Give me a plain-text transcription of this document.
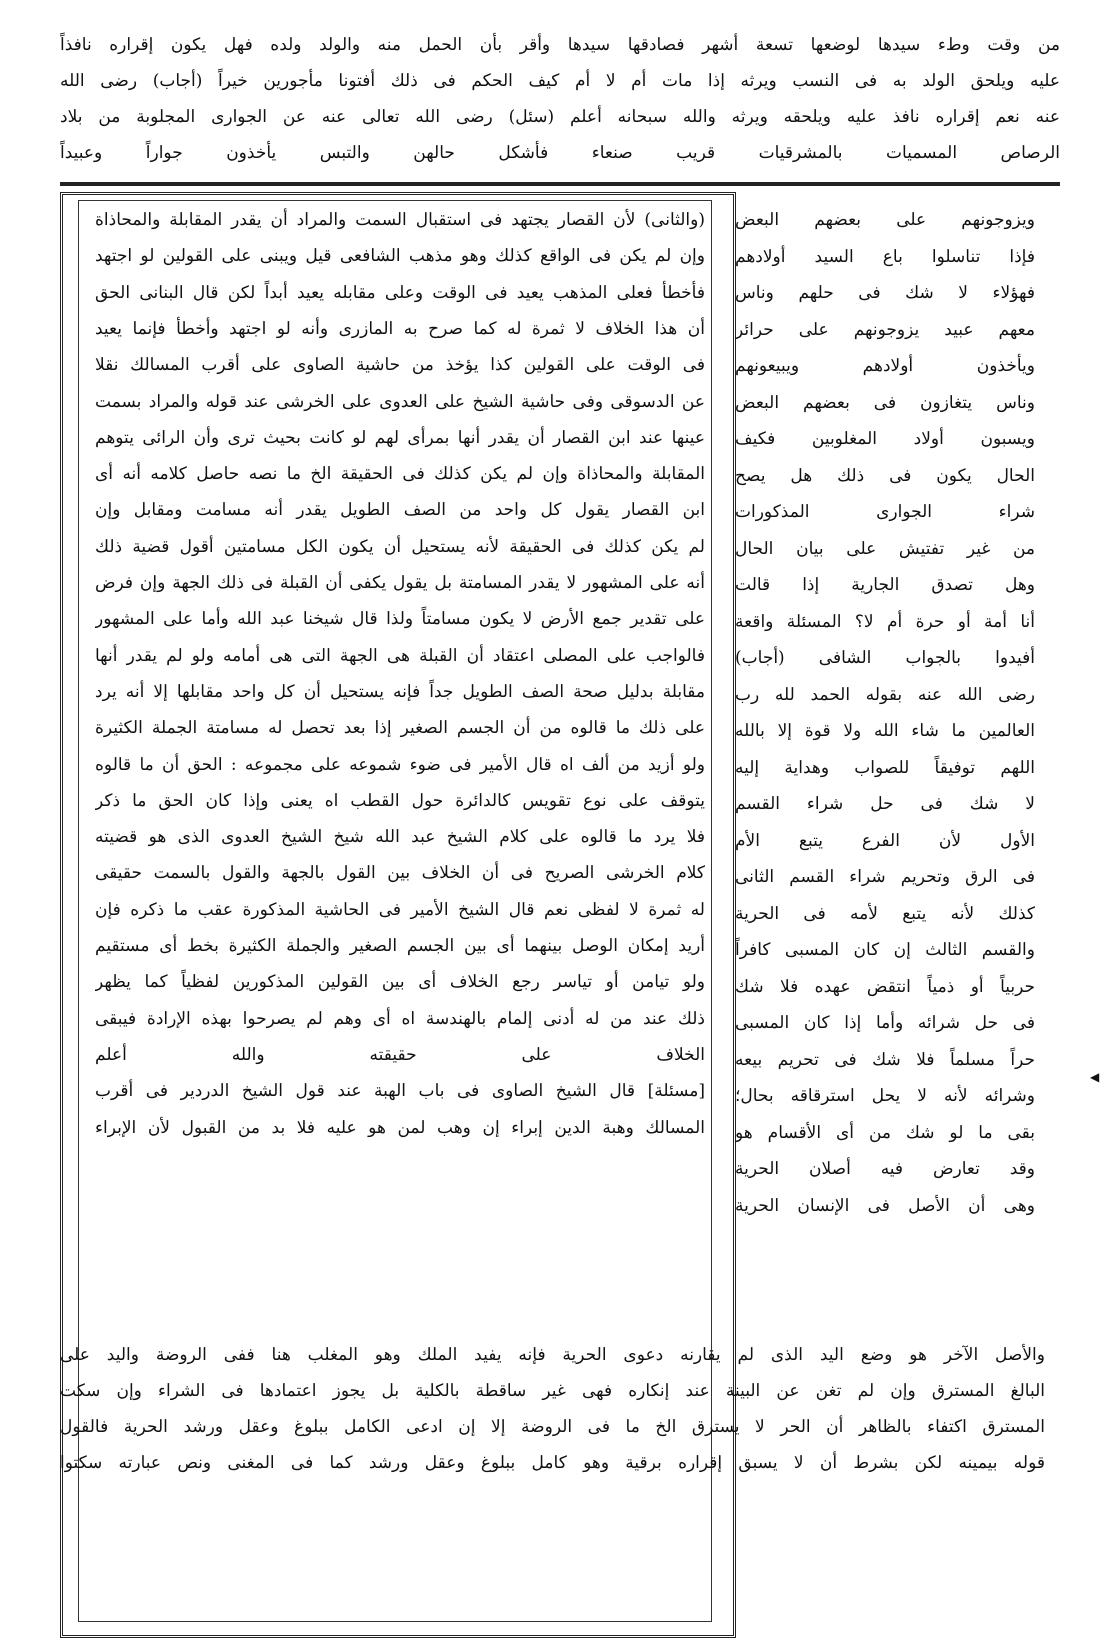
من وقت وطء سيدها لوضعها تسعة أشهر فصادقها سيدها وأقر بأن الحمل منه والولد ولده فهل يكون إقراره نافذاً
عليه ويلحق الولد به فى النسب ويرثه إذا مات أم لا أم كيف الحكم فى ذلك أفتونا مأجورين خيراً (أجاب) رضى الله
عنه نعم إقراره نافذ عليه ويلحقه ويرثه والله سبحانه أعلم (سئل) رضى الله تعالى عنه عن الجوارى المجلوبة من بلاد
الرصاص المسميات بالمشرقيات قريب صنعاء فأشكل حالهن والتبس يأخذون جواراً وعبيداً
ويزوجونهم على بعضهم البعض
فإذا تناسلوا باع السيد أولادهم
فهؤلاء لا شك فى حلهم وناس
معهم عبيد يزوجونهم على حرائر
ويأخذون أولادهم ويبيعونهم
وناس يتغازون فى بعضهم البعض
ويسبون أولاد المغلوبين فكيف
الحال يكون فى ذلك هل يصح
شراء الجوارى المذكورات
من غير تفتيش على بيان الحال
وهل تصدق الجارية إذا قالت
أنا أمة أو حرة أم لا؟ المسئلة واقعة
أفيدوا بالجواب الشافى (أجاب)
رضى الله عنه بقوله الحمد لله رب
العالمين ما شاء الله ولا قوة إلا بالله
اللهم توفيقاً للصواب وهداية إليه
لا شك فى حل شراء القسم
الأول لأن الفرع يتبع الأم
فى الرق وتحريم شراء القسم الثانى
كذلك لأنه يتبع لأمه فى الحرية
والقسم الثالث إن كان المسبى كافراً
حربياً أو ذمياً انتقض عهده فلا شك
فى حل شرائه وأما إذا كان المسبى
حراً مسلماً فلا شك فى تحريم بيعه
وشرائه لأنه لا يحل استرقاقه بحال؛
بقى ما لو شك من أى الأقسام هو
وقد تعارض فيه أصلان الحرية
وهى أن الأصل فى الإنسان الحرية
(والثانى) لأن القصار يجتهد فى استقبال السمت والمراد أن يقدر المقابلة والمحاذاة
وإن لم يكن فى الواقع كذلك وهو مذهب الشافعى قيل ويبنى على القولين لو اجتهد
فأخطأ فعلى المذهب يعيد فى الوقت وعلى مقابله يعيد أبداً لكن قال البنانى الحق
أن هذا الخلاف لا ثمرة له كما صرح به المازرى وأنه لو اجتهد وأخطأ فإنما يعيد
فى الوقت على القولين كذا يؤخذ من حاشية الصاوى على أقرب المسالك نقلا
عن الدسوقى وفى حاشية الشيخ على العدوى على الخرشى عند قوله والمراد بسمت
عينها عند ابن القصار أن يقدر أنها بمرأى لهم لو كانت بحيث ترى وأن الرائى يتوهم
المقابلة والمحاذاة وإن لم يكن كذلك فى الحقيقة الخ ما نصه حاصل كلامه أنه أى
ابن القصار يقول كل واحد من الصف الطويل يقدر أنه مسامت ومقابل وإن
لم يكن كذلك فى الحقيقة لأنه يستحيل أن يكون الكل مسامتين أقول قضية ذلك
أنه على المشهور لا يقدر المسامتة بل يقول يكفى أن القبلة فى ذلك الجهة وإن فرض
على تقدير جمع الأرض لا يكون مسامتاً ولذا قال شيخنا عبد الله وأما على المشهور
فالواجب على المصلى اعتقاد أن القبلة هى الجهة التى هى أمامه ولو لم يقدر أنها
مقابلة بدليل صحة الصف الطويل جداً فإنه يستحيل أن كل واحد مقابلها إلا أنه يرد
على ذلك ما قالوه من أن الجسم الصغير إذا بعد تحصل له مسامتة الجملة الكثيرة
ولو أزيد من ألف اه قال الأمير فى ضوء شموعه على مجموعه : الحق أن ما قالوه
يتوقف على نوع تقويس كالدائرة حول القطب اه يعنى وإذا كان الحق ما ذكر
فلا يرد ما قالوه على كلام الشيخ عبد الله شيخ الشيخ العدوى الذى هو قضيته
كلام الخرشى الصريح فى أن الخلاف بين القول بالجهة والقول بالسمت حقيقى
له ثمرة لا لفظى نعم قال الشيخ الأمير فى الحاشية المذكورة عقب ما ذكره فإن
أريد إمكان الوصل بينهما أى بين الجسم الصغير والجملة الكثيرة بخط أى مستقيم
ولو تيامن أو تياسر رجع الخلاف أى بين القولين المذكورين لفظياً كما يظهر
ذلك عند من له أدنى إلمام بالهندسة اه أى وهم لم يصرحوا بهذه الإرادة فيبقى
الخلاف على حقيقته والله أعلم
[مسئلة] قال الشيخ الصاوى فى باب الهبة عند قول الشيخ الدردير فى أقرب
المسالك وهبة الدين إبراء إن وهب لمن هو عليه فلا بد من القبول لأن الإبراء
والأصل الآخر هو وضع اليد الذى لم يقارنه دعوى الحرية فإنه يفيد الملك وهو المغلب هنا ففى الروضة واليد على
البالغ المسترق وإن لم تغن عن البينة عند إنكاره فهى غير ساقطة بالكلية بل يجوز اعتمادها فى الشراء وإن سكت
المسترق اكتفاء بالظاهر أن الحر لا يسترق الخ ما فى الروضة إلا إن ادعى الكامل ببلوغ وعقل ورشد الحرية فالقول
قوله بيمينه لكن بشرط أن لا يسبق إقراره برقية وهو كامل ببلوغ وعقل ورشد كما فى المغنى ونص عبارته سكتوا
◀
